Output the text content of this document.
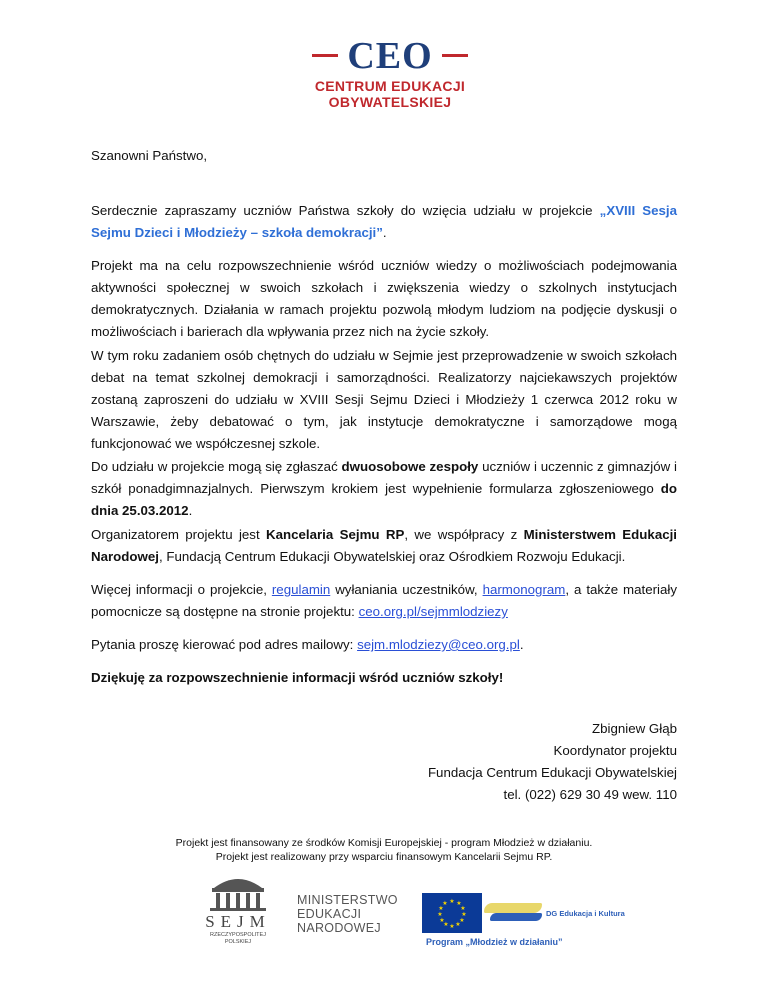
CEO
CENTRUM EDUKACJI
OBYWATELSKIEJ
Szanowni Państwo,
Serdecznie zapraszamy uczniów Państwa szkoły do wzięcia udziału w projekcie „XVIII Sesja Sejmu Dzieci i Młodzieży – szkoła demokracji”.
Projekt ma na celu rozpowszechnienie wśród uczniów wiedzy o możliwościach podejmowania aktywności społecznej w swoich szkołach i zwiększenia wiedzy o szkolnych instytucjach demokratycznych. Działania w ramach projektu pozwolą młodym ludziom na podjęcie dyskusji o możliwościach i barierach dla wpływania przez nich na życie szkoły.
W tym roku zadaniem osób chętnych do udziału w Sejmie jest przeprowadzenie w swoich szkołach debat na temat szkolnej demokracji i samorządności. Realizatorzy najciekawszych projektów zostaną zaproszeni do udziału w XVIII Sesji Sejmu Dzieci i Młodzieży 1 czerwca 2012 roku w Warszawie, żeby debatować o tym, jak instytucje demokratyczne i samorządowe mogą funkcjonować we współczesnej szkole.
Do udziału w projekcie mogą się zgłaszać dwuosobowe zespoły uczniów i uczennic z gimnazjów i szkół ponadgimnazjalnych. Pierwszym krokiem jest wypełnienie formularza zgłoszeniowego do dnia 25.03.2012.
Organizatorem projektu jest Kancelaria Sejmu RP, we współpracy z Ministerstwem Edukacji Narodowej, Fundacją Centrum Edukacji Obywatelskiej oraz Ośrodkiem Rozwoju Edukacji.
Więcej informacji o projekcie, regulamin wyłaniania uczestników, harmonogram, a także materiały pomocnicze są dostępne na stronie projektu: ceo.org.pl/sejmmlodziezy
Pytania proszę kierować pod adres mailowy: sejm.mlodziezy@ceo.org.pl.
Dziękuję za rozpowszechnienie informacji wśród uczniów szkoły!
Zbigniew Głąb
Koordynator projektu
Fundacja Centrum Edukacji Obywatelskiej
tel. (022) 629 30 49 wew. 110
Projekt jest finansowany ze środków Komisji Europejskiej - program Młodzież w działaniu.
Projekt jest realizowany przy wsparciu finansowym Kancelarii Sejmu RP.
SEJM
RZECZYPOSPOLITEJ
POLSKIEJ
MINISTERSTWO
EDUKACJI
NARODOWEJ
★ ★
★
★
★
★
★
★
★
★
★
★
DG Edukacja i Kultura
Program „Młodzież w działaniu”
